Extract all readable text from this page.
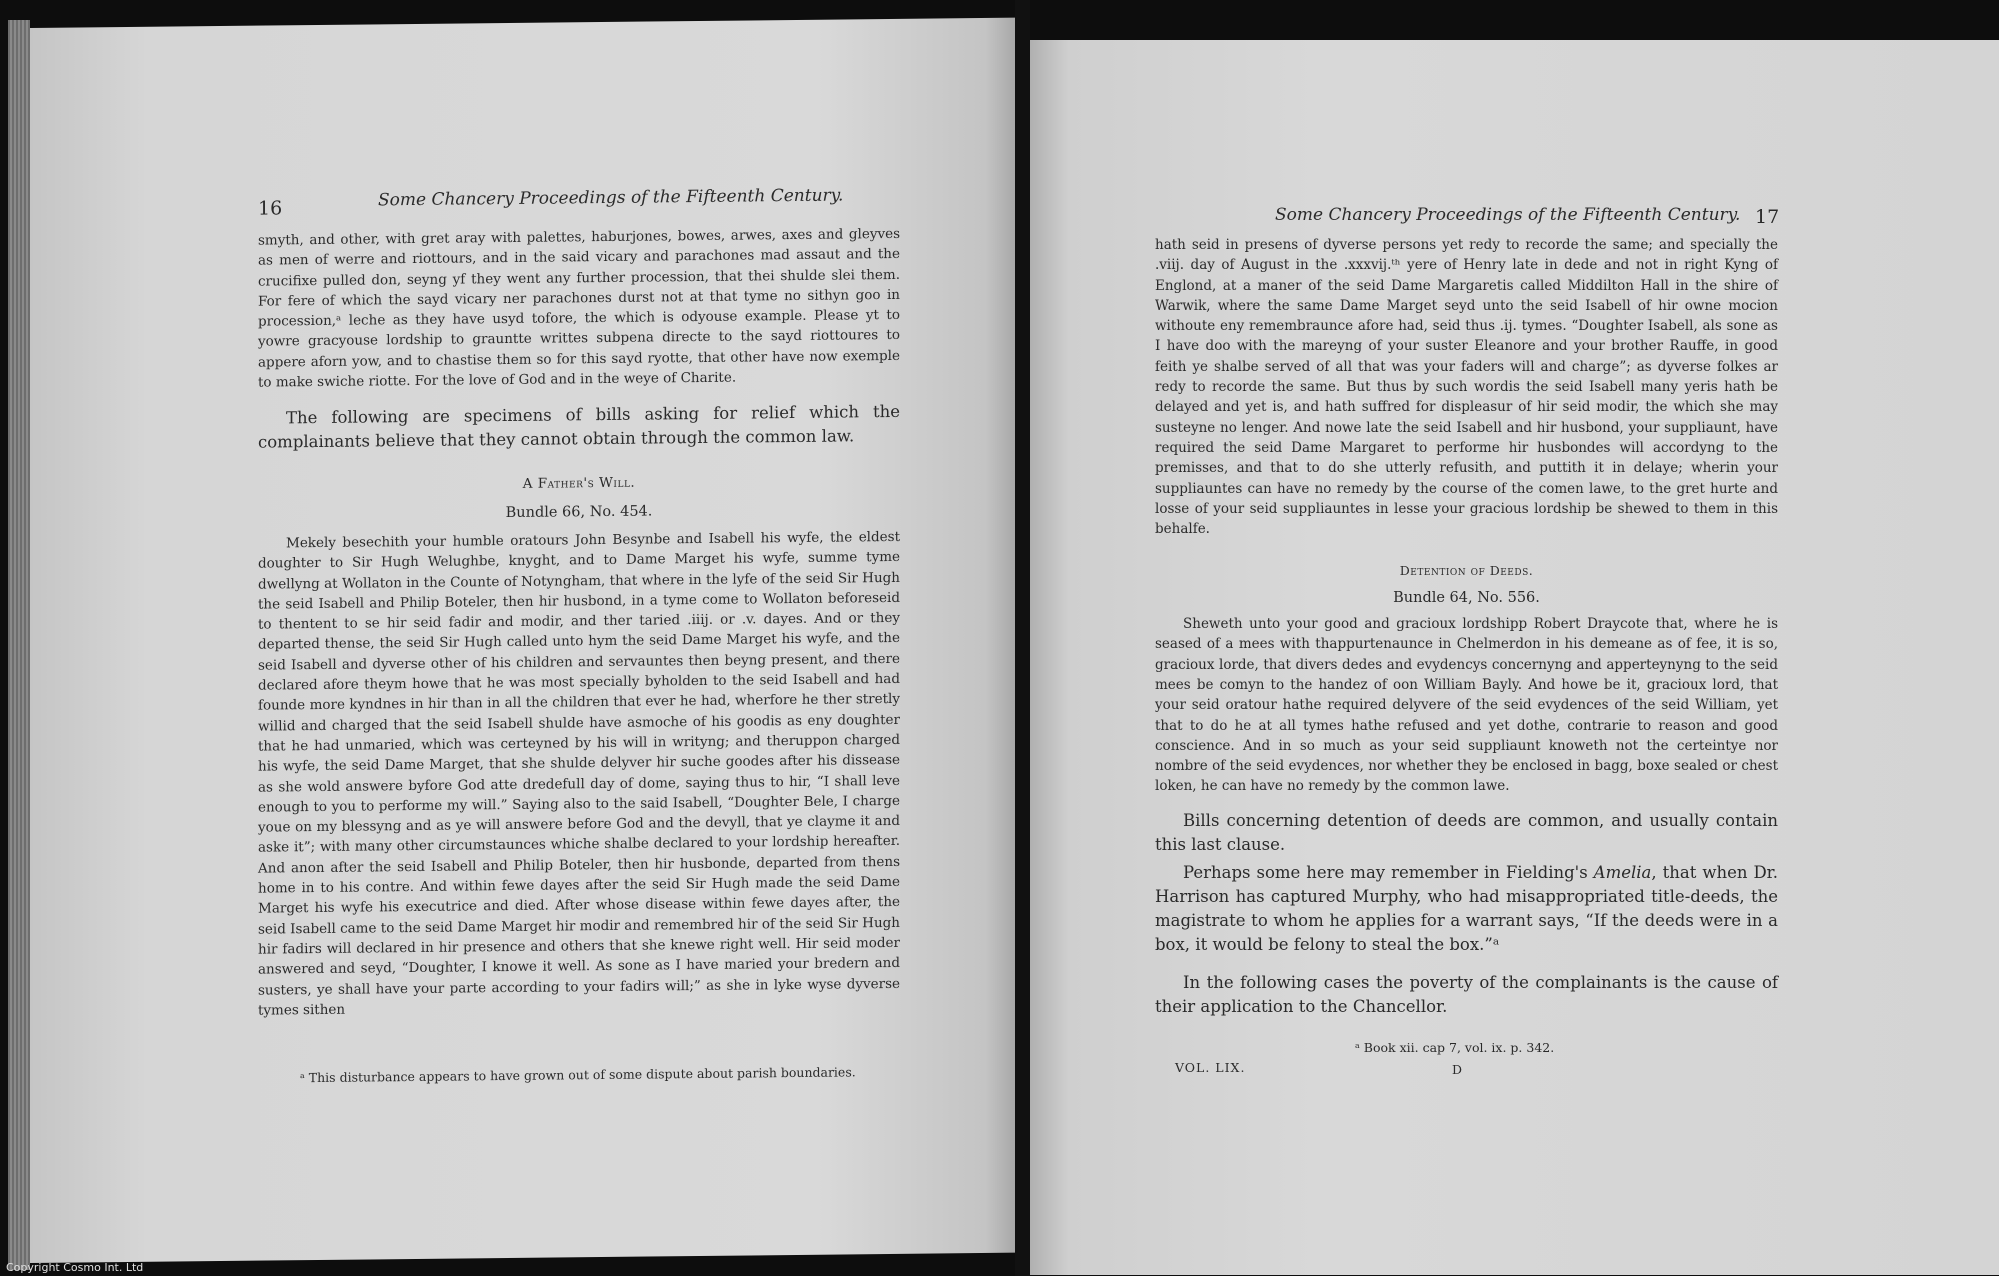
16	Some Chancery Proceedings of the Fifteenth Century.

smyth, and other, with gret aray with palettes, haburjones, bowes, arwes, axes and gleyves as men of werre and riottours, and in the said vicary and parachones mad assaut and the crucifixe pulled don, seyng yf they went any further procession, that thei shulde slei them. For fere of which the sayd vicary ner parachones durst not at that tyme no sithyn goo in procession,ᵃ leche as they have usyd tofore, the which is odyouse example. Please yt to yowre gracyouse lordship to grauntte writtes subpena directe to the sayd riottoures to appere aforn yow, and to chastise them so for this sayd ryotte, that other have now exemple to make swiche riotte. For the love of God and in the weye of Charite.

The following are specimens of bills asking for relief which the complainants believe that they cannot obtain through the common law.

A Father's Will.

Bundle 66, No. 454.

Mekely besechith your humble oratours John Besynbe and Isabell his wyfe, the eldest doughter to Sir Hugh Welughbe, knyght, and to Dame Marget his wyfe, summe tyme dwellyng at Wollaton in the Counte of Notyngham, that where in the lyfe of the seid Sir Hugh the seid Isabell and Philip Boteler, then hir husbond, in a tyme come to Wollaton beforeseid to thentent to se hir seid fadir and modir, and ther taried .iiij. or .v. dayes. And or they departed thense, the seid Sir Hugh called unto hym the seid Dame Marget his wyfe, and the seid Isabell and dyverse other of his children and servauntes then beyng present, and there declared afore theym howe that he was most specially byholden to the seid Isabell and had founde more kyndnes in hir than in all the children that ever he had, wherfore he ther stretly willid and charged that the seid Isabell shulde have asmoche of his goodis as eny doughter that he had unmaried, which was certeyned by his will in writyng; and theruppon charged his wyfe, the seid Dame Marget, that she shulde delyver hir suche goodes after his dissease as she wold answere byfore God atte dredefull day of dome, saying thus to hir, “I shall leve enough to you to performe my will.” Saying also to the said Isabell, “Doughter Bele, I charge youe on my blessyng and as ye will answere before God and the devyll, that ye clayme it and aske it”; with many other circumstaunces whiche shalbe declared to your lordship hereafter. And anon after the seid Isabell and Philip Boteler, then hir husbonde, departed from thens home in to his contre. And within fewe dayes after the seid Sir Hugh made the seid Dame Marget his wyfe his executrice and died. After whose disease within fewe dayes after, the seid Isabell came to the seid Dame Marget hir modir and remembred hir of the seid Sir Hugh hir fadirs will declared in hir presence and others that she knewe right well. Hir seid moder answered and seyd, “Doughter, I knowe it well. As sone as I have maried your bredern and susters, ye shall have your parte according to your fadirs will;” as she in lyke wyse dyverse tymes sithen

ᵃ This disturbance appears to have grown out of some dispute about parish boundaries.
Some Chancery Proceedings of the Fifteenth Century. 17

hath seid in presens of dyverse persons yet redy to recorde the same; and specially the .viij. day of August in the .xxxvij.ᵗʰ yere of Henry late in dede and not in right Kyng of Englond, at a maner of the seid Dame Margaretis called Middilton Hall in the shire of Warwik, where the same Dame Marget seyd unto the seid Isabell of hir owne mocion withoute eny remembraunce afore had, seid thus .ij. tymes. “Doughter Isabell, als sone as I have doo with the mareyng of your suster Eleanore and your brother Rauffe, in good feith ye shalbe served of all that was your faders will and charge”; as dyverse folkes ar redy to recorde the same. But thus by such wordis the seid Isabell many yeris hath be delayed and yet is, and hath suffred for displeasur of hir seid modir, the which she may susteyne no lenger. And nowe late the seid Isabell and hir husbond, your suppliaunt, have required the seid Dame Margaret to performe hir husbondes will accordyng to the premisses, and that to do she utterly refusith, and puttith it in delaye; wherin your suppliauntes can have no remedy by the course of the comen lawe, to the gret hurte and losse of your seid suppliauntes in lesse your gracious lordship be shewed to them in this behalfe.

Detention of Deeds.

Bundle 64, No. 556.

Sheweth unto your good and gracioux lordshipp Robert Draycote that, where he is seased of a mees with thappurtenaunce in Chelmerdon in his demeane as of fee, it is so, gracioux lorde, that divers dedes and evydencys concernyng and apperteynyng to the seid mees be comyn to the handez of oon William Bayly. And howe be it, gracioux lord, that your seid oratour hathe required delyvere of the seid evydences of the seid William, yet that to do he at all tymes hathe refused and yet dothe, contrarie to reason and good conscience. And in so much as your seid suppliaunt knoweth not the certeintye nor nombre of the seid evydences, nor whether they be enclosed in bagg, boxe sealed or chest loken, he can have no remedy by the common lawe.

Bills concerning detention of deeds are common, and usually contain this last clause.

Perhaps some here may remember in Fielding's Amelia, that when Dr. Harrison has captured Murphy, who had misappropriated title-deeds, the magistrate to whom he applies for a warrant says, “If the deeds were in a box, it would be felony to steal the box.”ᵃ

In the following cases the poverty of the complainants is the cause of their application to the Chancellor.

ᵃ Book xii. cap 7, vol. ix. p. 342.
VOL. LIX.	D
Copyright Cosmo Int. Ltd
